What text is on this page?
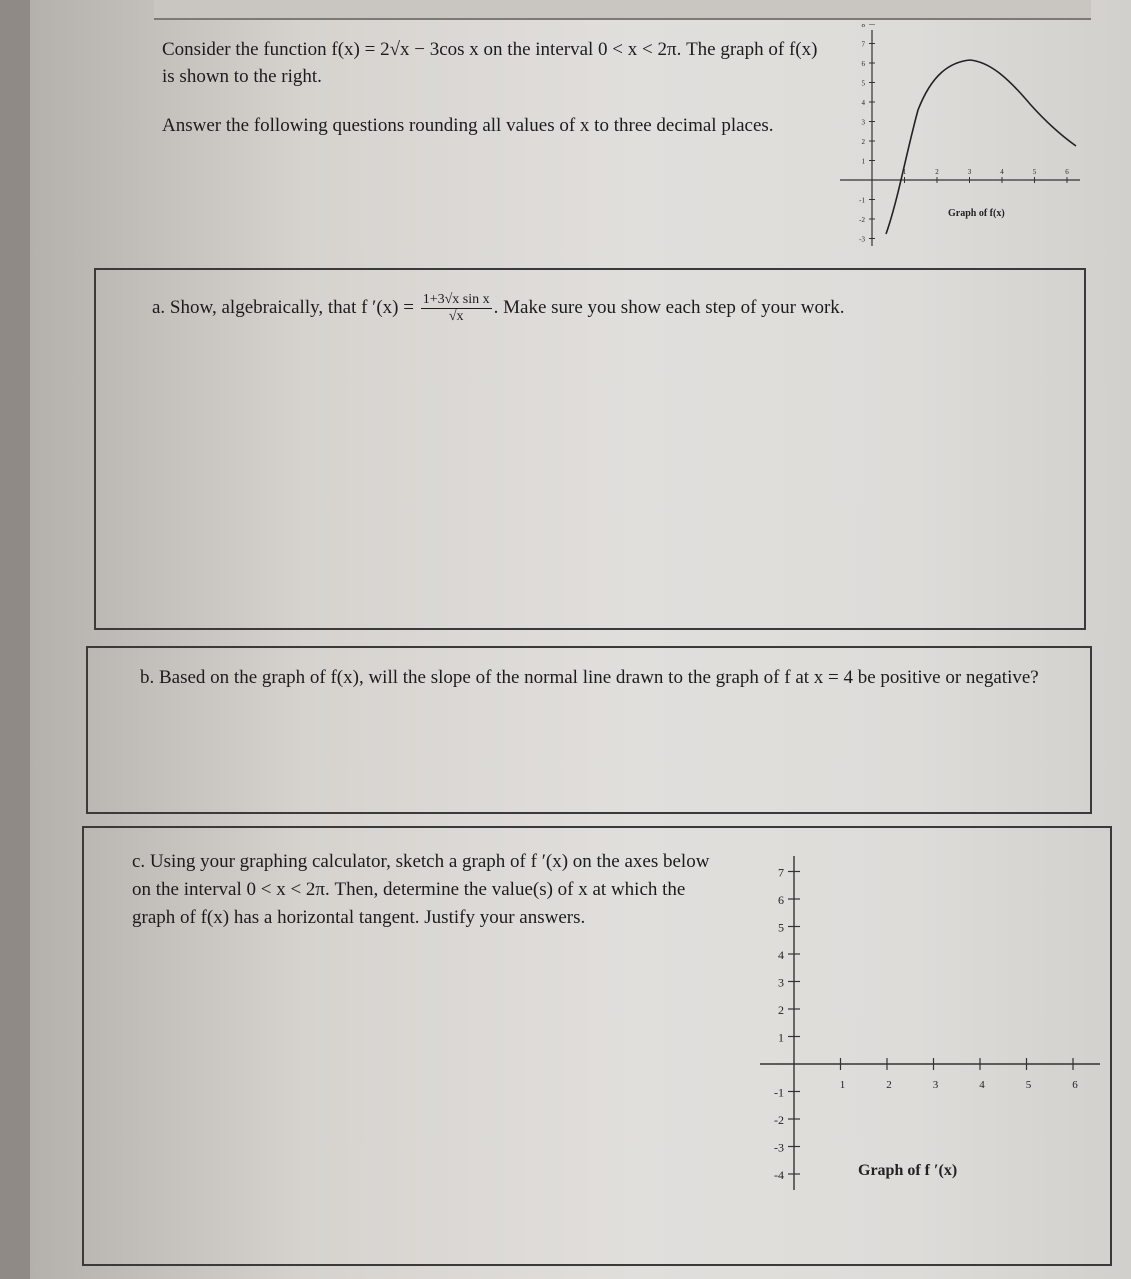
Consider the function f(x) = 2√x − 3cos x on the interval 0 < x < 2π. The graph of f(x) is shown to the right.

Answer the following questions rounding all values of x to three decimal places.

-3
-2
-1
1
2
3
4
5
6
7
8
1	2	3	4	5	6
Graph of f(x)
a. Show, algebraically, that f $'(x) = \frac{\text{1+3√x sin x}}{√x}$ . Make sure you show each step of your work.
b. Based on the graph of f(x), will the slope of the normal line drawn to the graph of f at x = 4 be positive or negative?
c. Using your graphing calculator, sketch a graph of f ′(x) on the axes below on the interval 0 < x < 2π. Then, determine the value(s) of x at which the graph of f(x) has a horizontal tangent. Justify your answers.
7
6
5
4
3
2
1
-1
-2
-3
-4
1	2	3	4	5	6
Graph of f ′(x)
